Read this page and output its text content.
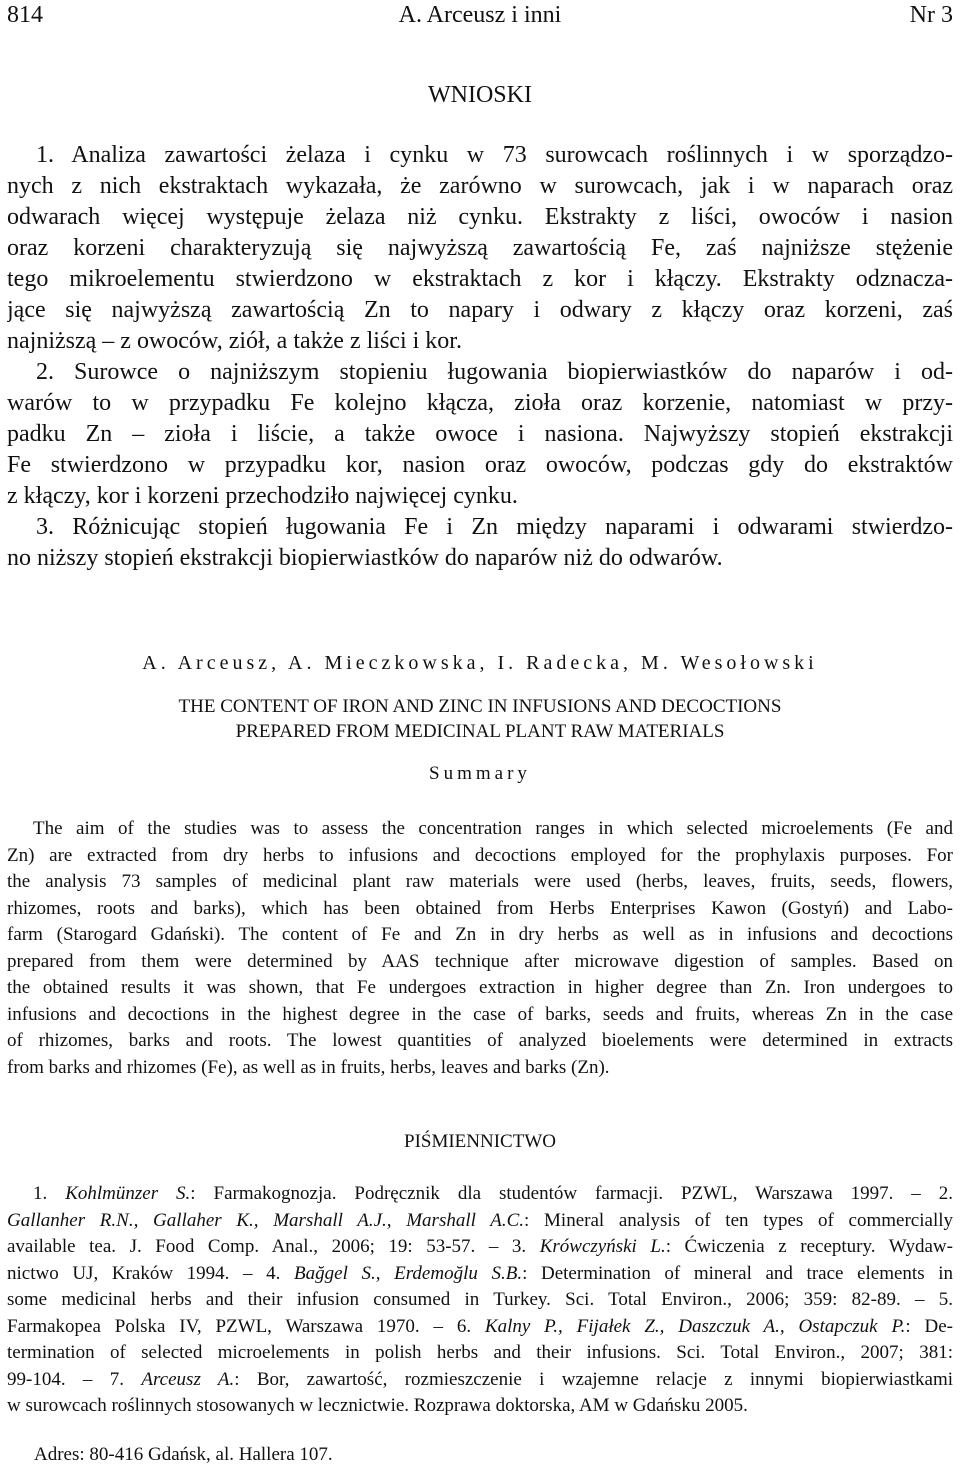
814	A. Arceusz i inni	Nr 3
WNIOSKI
1. Analiza zawartości żelaza i cynku w 73 surowcach roślinnych i w sporządzo-
nych z nich ekstraktach wykazała, że zarówno w surowcach, jak i w naparach oraz
odwarach więcej występuje żelaza niż cynku. Ekstrakty z liści, owoców i nasion
oraz korzeni charakteryzują się najwyższą zawartością Fe, zaś najniższe stężenie
tego mikroelementu stwierdzono w ekstraktach z kor i kłączy. Ekstrakty odznacza-
jące się najwyższą zawartością Zn to napary i odwary z kłączy oraz korzeni, zaś
najniższą – z owoców, ziół, a także z liści i kor.
2. Surowce o najniższym stopieniu ługowania biopierwiastków do naparów i od-
warów to w przypadku Fe kolejno kłącza, zioła oraz korzenie, natomiast w przy-
padku Zn – zioła i liście, a także owoce i nasiona. Najwyższy stopień ekstrakcji
Fe stwierdzono w przypadku kor, nasion oraz owoców, podczas gdy do ekstraktów
z kłączy, kor i korzeni przechodziło najwięcej cynku.
3. Różnicując stopień ługowania Fe i Zn między naparami i odwarami stwierdzo-
no niższy stopień ekstrakcji biopierwiastków do naparów niż do odwarów.
A. Arceusz, A. Mieczkowska, I. Radecka, M. Wesołowski
THE CONTENT OF IRON AND ZINC IN INFUSIONS AND DECOCTIONS
PREPARED FROM MEDICINAL PLANT RAW MATERIALS
Summary
The aim of the studies was to assess the concentration ranges in which selected microelements (Fe and
Zn) are extracted from dry herbs to infusions and decoctions employed for the prophylaxis purposes. For
the analysis 73 samples of medicinal plant raw materials were used (herbs, leaves, fruits, seeds, flowers,
rhizomes, roots and barks), which has been obtained from Herbs Enterprises Kawon (Gostyń) and Labo-
farm (Starogard Gdański). The content of Fe and Zn in dry herbs as well as in infusions and decoctions
prepared from them were determined by AAS technique after microwave digestion of samples. Based on
the obtained results it was shown, that Fe undergoes extraction in higher degree than Zn. Iron undergoes to
infusions and decoctions in the highest degree in the case of barks, seeds and fruits, whereas Zn in the case
of rhizomes, barks and roots. The lowest quantities of analyzed bioelements were determined in extracts
from barks and rhizomes (Fe), as well as in fruits, herbs, leaves and barks (Zn).
PIŚMIENNICTWO
1. Kohlmünzer S.: Farmakognozja. Podręcznik dla studentów farmacji. PZWL, Warszawa 1997. – 2.
Gallanher R.N., Gallaher K., Marshall A.J., Marshall A.C.: Mineral analysis of ten types of commercially
available tea. J. Food Comp. Anal., 2006; 19: 53-57. – 3. Krówczyński L.: Ćwiczenia z receptury. Wydaw-
nictwo UJ, Kraków 1994. – 4. Bağgel S., Erdemoğlu S.B.: Determination of mineral and trace elements in
some medicinal herbs and their infusion consumed in Turkey. Sci. Total Environ., 2006; 359: 82-89. – 5.
Farmakopea Polska IV, PZWL, Warszawa 1970. – 6. Kalny P., Fijałek Z., Daszczuk A., Ostapczuk P.: De-
termination of selected microelements in polish herbs and their infusions. Sci. Total Environ., 2007; 381:
99-104. – 7. Arceusz A.: Bor, zawartość, rozmieszczenie i wzajemne relacje z innymi biopierwiastkami
w surowcach roślinnych stosowanych w lecznictwie. Rozprawa doktorska, AM w Gdańsku 2005.
Adres: 80-416 Gdańsk, al. Hallera 107.
